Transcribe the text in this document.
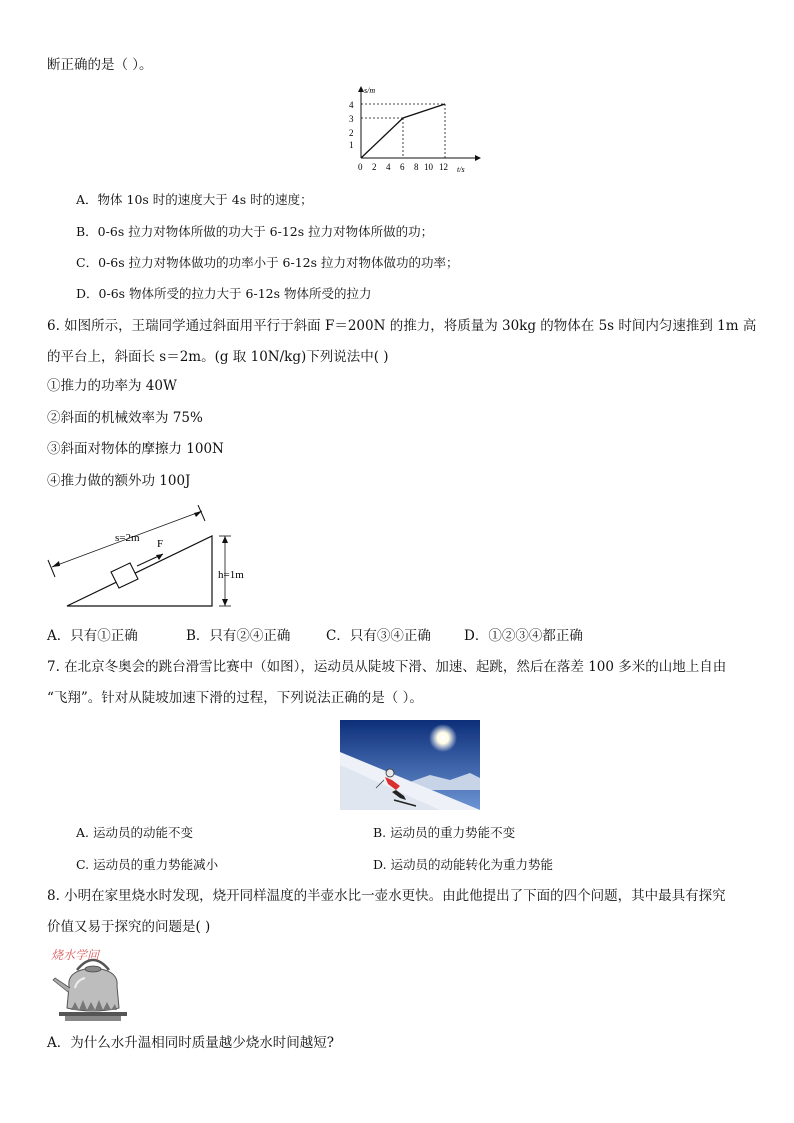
断正确的是（ ）。
4
3
2
1
s/m
0 2 4 6 8 10 12 t/s
A．物体 10s 时的速度大于 4s 时的速度；
B．0-6s 拉力对物体所做的功大于 6-12s 拉力对物体所做的功；
C．0-6s 拉力对物体做功的功率小于 6-12s 拉力对物体做功的功率；
D．0-6s 物体所受的拉力大于 6-12s 物体所受的拉力
6. 如图所示，王瑞同学通过斜面用平行于斜面 F＝200N 的推力，将质量为 30kg 的物体在 5s 时间内匀速推到 1m 高
的平台上，斜面长 s＝2m。(g 取 10N/kg)下列说法中( )
①推力的功率为 40W
②斜面的机械效率为 75%
③斜面对物体的摩擦力 100N
④推力做的额外功 100J
F
s=2m
h=1m
A．只有①正确	B．只有②④正确	C．只有③④正确 D．①②③④都正确
7. 在北京冬奥会的跳台滑雪比赛中（如图），运动员从陡坡下滑、加速、起跳，然后在落差 100 多米的山地上自由
“飞翔”。针对从陡坡加速下滑的过程，下列说法正确的是（ ）。
A. 运动员的动能不变	B. 运动员的重力势能不变
C. 运动员的重力势能减小	D. 运动员的动能转化为重力势能
8. 小明在家里烧水时发现，烧开同样温度的半壶水比一壶水更快。由此他提出了下面的四个问题，其中最具有探究
价值又易于探究的问题是( )
烧水学问
A．为什么水升温相同时质量越少烧水时间越短?
